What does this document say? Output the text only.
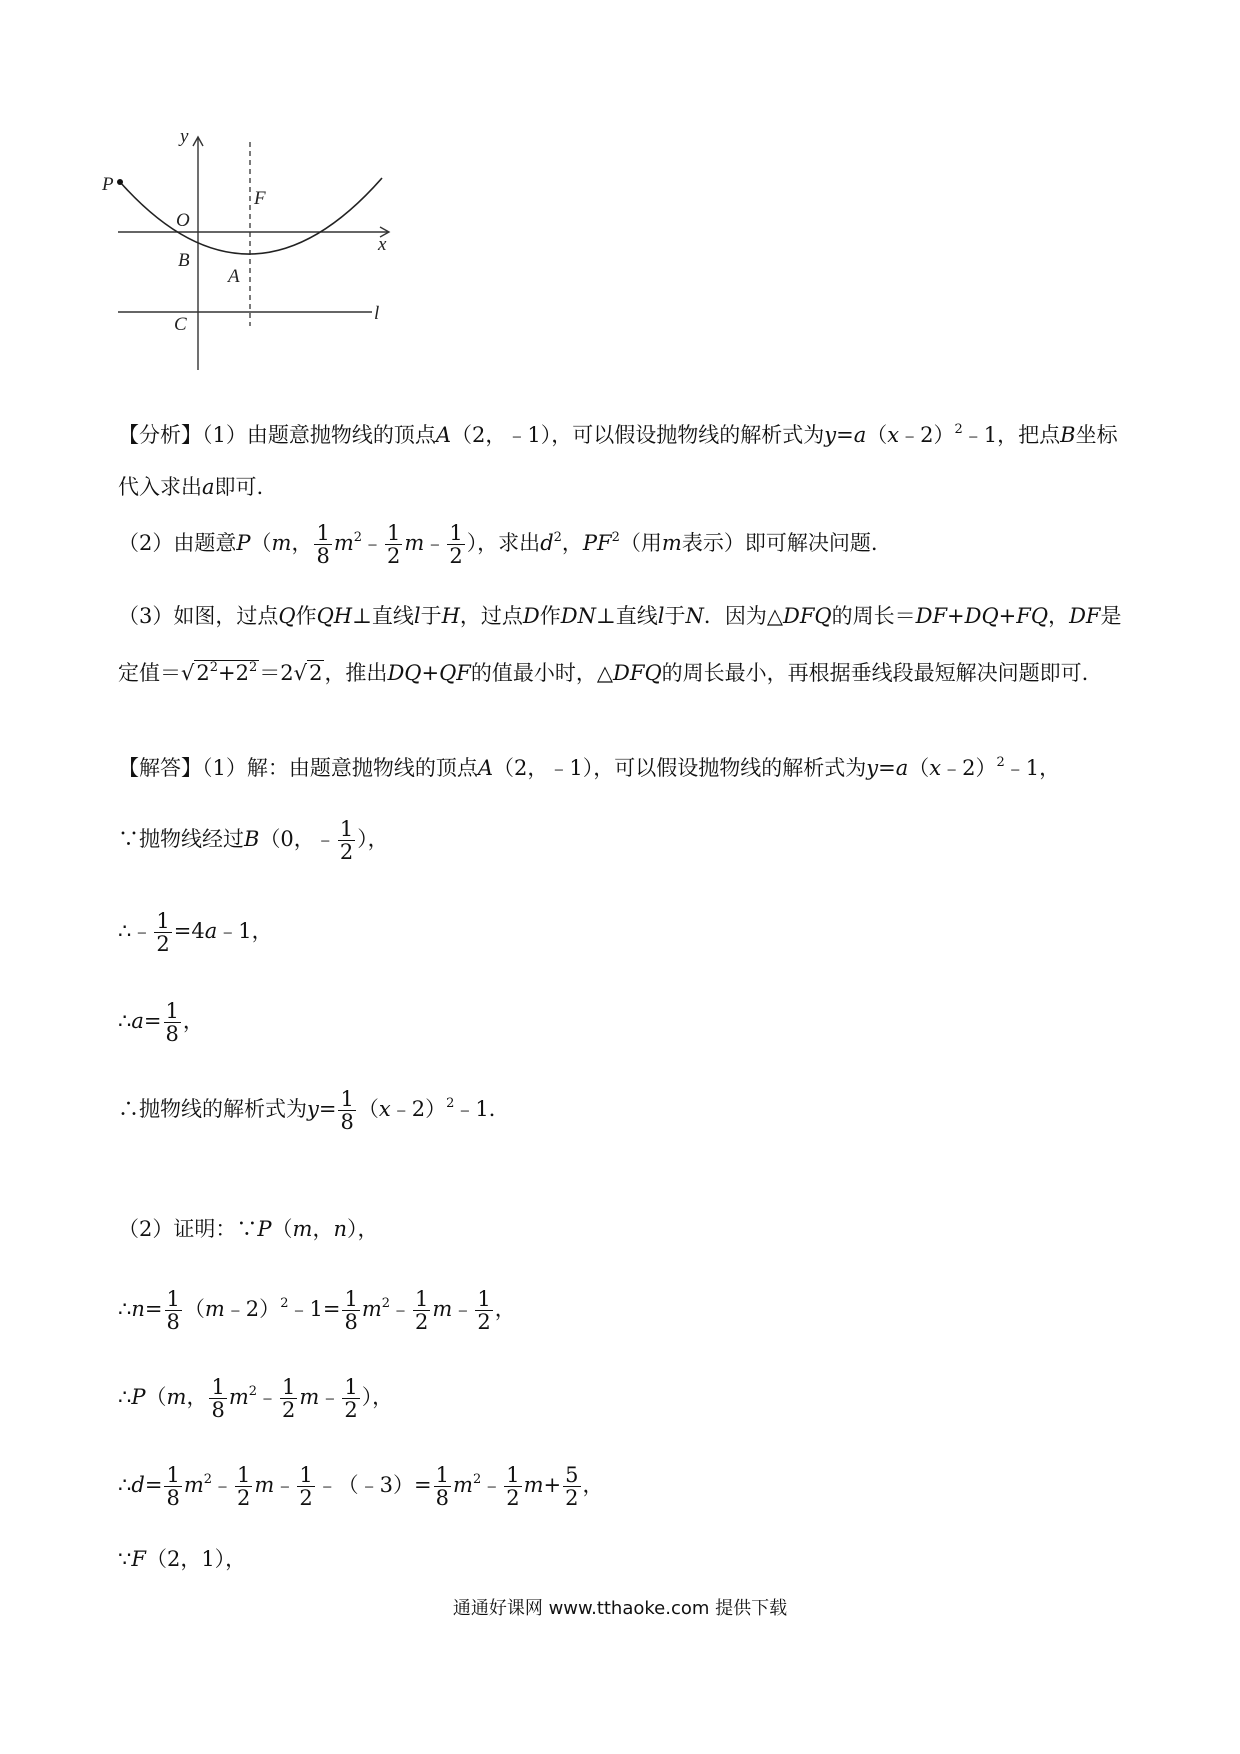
y
x
P
O
F
B
A
C
l
【分析】（1）由题意抛物线的顶点A（2，﹣1），可以假设抛物线的解析式为y=a（x﹣2）$^2$﹣1，把点B坐标代入求出a即可.
（2）由题意P（m， $\frac{1}{8}$ $m^2﹣ \frac{1}{2}$ m﹣ $\frac{1}{2}$ ），求出$d^2$，$PF^2$（用m表示）即可解决问题.
（3）如图，过点Q作QH⊥直线l于H，过点D作DN⊥直线l于N．因为△DFQ的周长＝DF+DQ+FQ，DF是定值$=√2^2+2^2=2√2$，推出DQ+QF的值最小时，△DFQ的周长最小，再根据垂线段最短解决问题即可.
【解答】（1）解：由题意抛物线的顶点A（2，﹣1），可以假设抛物线的解析式为y=a（x﹣2）$^2$﹣1，
∵抛物线经过B（0，﹣ $\frac{1}{2}$ ），
∴﹣ $\frac{1}{2}$ =4a﹣1，
∴a= $\frac{1}{8}$ ，
∴抛物线的解析式为$y= \frac{1}{8}$ （x﹣2）$^2$﹣1．
（2）证明：∵P（m，n），
∴n= $\frac{1}{8}$ （m﹣2）$^2$﹣1= $\frac{1}{8}$ $m^2﹣ \frac{1}{2}$ m﹣ $\frac{1}{2}$ ，
∴P（m， $\frac{1}{8}$ $m^2﹣ \frac{1}{2}$ m﹣ $\frac{1}{2}$ ），
∴d= $\frac{1}{8}$ $m^2﹣ \frac{1}{2}$ m﹣ $\frac{1}{2}$ ﹣（﹣3）= $\frac{1}{8}$ $m^2﹣ \frac{1}{2} m+ \frac{5}{2}$ ，
∵F（2，1），
通通好课网 www.tthaoke.com 提供下载
